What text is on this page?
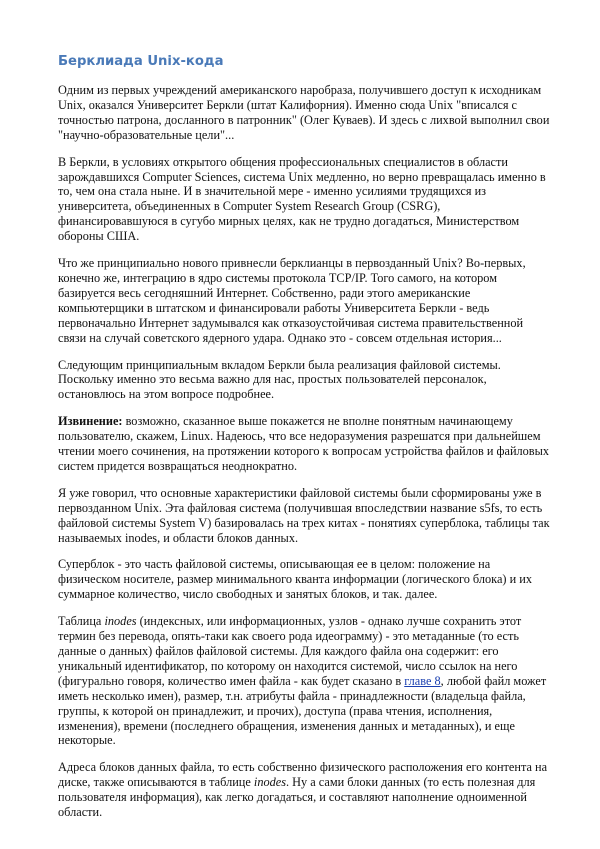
Берклиада Unix-кода

Одним из первых учреждений американского наробраза, получившего доступ к исходникам Unix, оказался Университет Беркли (штат Калифорния). Именно сюда Unix "вписался с точностью патрона, досланного в патронник" (Олег Куваев). И здесь с лихвой выполнил свои "научно-образовательные цели"...

В Беркли, в условиях открытого общения профессиональных специалистов в области зарождавшихся Computer Sciences, система Unix медленно, но верно превращалась именно в то, чем она стала ныне. И в значительной мере - именно усилиями трудящихся из университета, объединенных в Computer System Research Group (CSRG), финансировавшуюся в сугубо мирных целях, как не трудно догадаться, Министерством обороны США.

Что же принципиально нового привнесли берклианцы в первозданный Unix? Во-первых, конечно же, интеграцию в ядро системы протокола TCP/IP. Того самого, на котором базируется весь сегодняшний Интернет. Собственно, ради этого американские компьютерщики в штатском и финансировали работы Университета Беркли - ведь первоначально Интернет задумывался как отказоустойчивая система правительственной связи на случай советского ядерного удара. Однако это - совсем отдельная история...

Следующим принципиальным вкладом Беркли была реализация файловой системы. Поскольку именно это весьма важно для нас, простых пользователей персоналок, остановлюсь на этом вопросе подробнее.

Извинение: возможно, сказанное выше покажется не вполне понятным начинающему пользователю, скажем, Linux. Надеюсь, что все недоразумения разрешатся при дальнейшем чтении моего сочинения, на протяжении которого к вопросам устройства файлов и файловых систем придется возвращаться неоднократно.

Я уже говорил, что основные характеристики файловой системы были сформированы уже в первозданном Unix. Эта файловая система (получившая впоследствии название s5fs, то есть файловой системы System V) базировалась на трех китах - понятиях суперблока, таблицы так называемых inodes, и области блоков данных.

Суперблок - это часть файловой системы, описывающая ее в целом: положение на физическом носителе, размер минимального кванта информации (логического блока) и их суммарное количество, число свободных и занятых блоков, и так. далее.

Таблица inodes (индексных, или информационных, узлов - однако лучше сохранить этот термин без перевода, опять-таки как своего рода идеограмму) - это метаданные (то есть данные о данных) файлов файловой системы. Для каждого файла она содержит: его уникальный идентификатор, по которому он находится системой, число ссылок на него (фигурально говоря, количество имен файла - как будет сказано в главе 8, любой файл может иметь несколько имен), размер, т.н. атрибуты файла - принадлежности (владельца файла, группы, к которой он принадлежит, и прочих), доступа (права чтения, исполнения, изменения), времени (последнего обращения, изменения данных и метаданных), и еще некоторые.

Адреса блоков данных файла, то есть собственно физического расположения его контента на диске, также описываются в таблице inodes. Ну а сами блоки данных (то есть полезная для пользователя информация), как легко догадаться, и составляют наполнение одноименной области.
